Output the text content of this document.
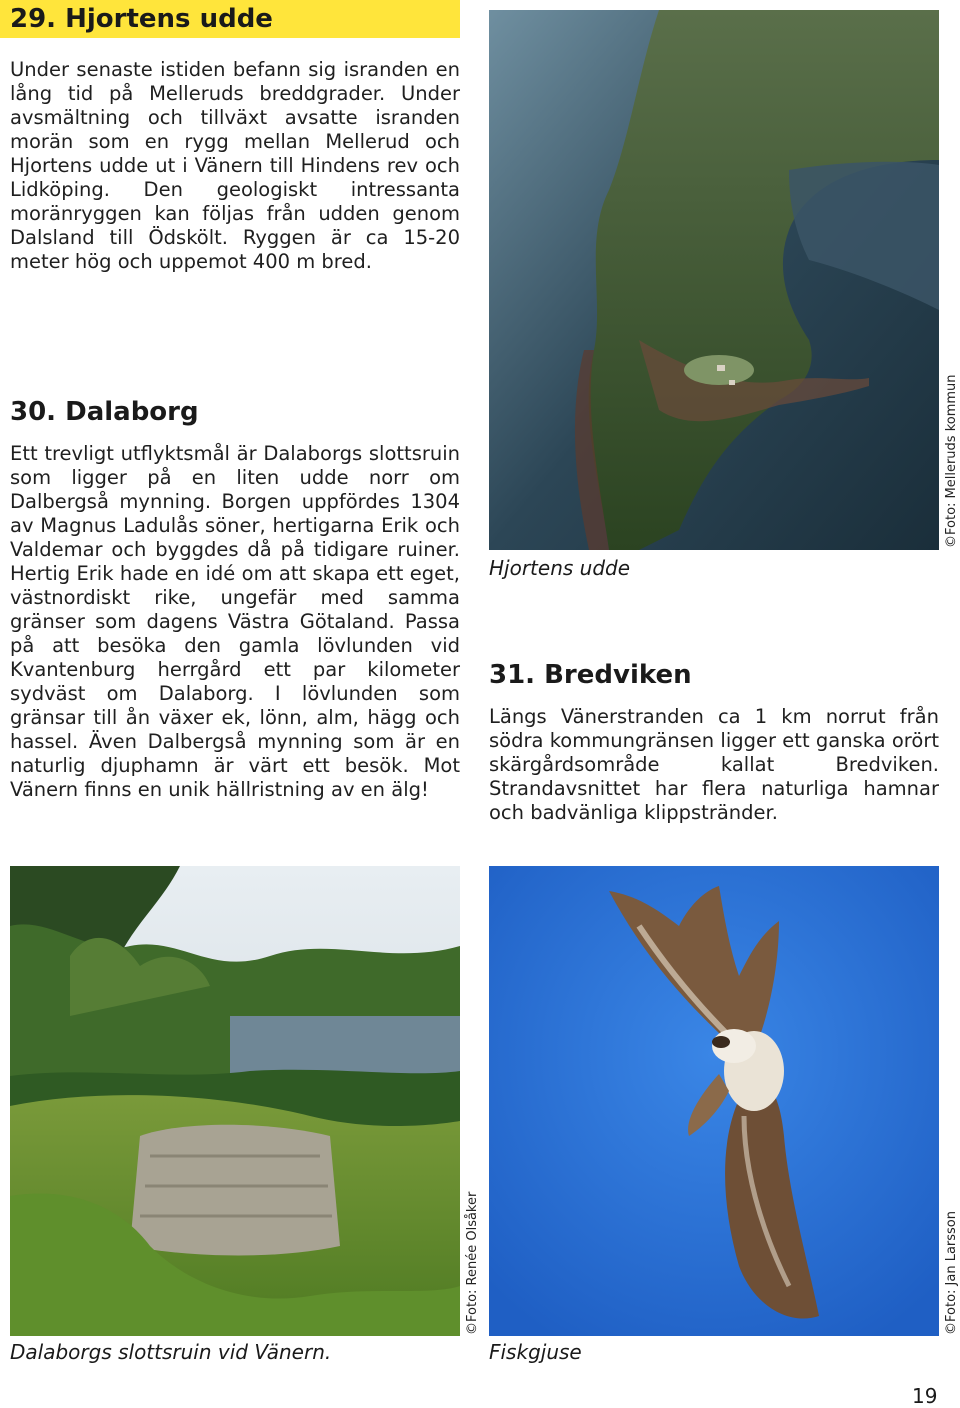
29. Hjortens udde
Under senaste istiden befann sig isranden en lång tid på Melleruds breddgrader. Under avsmältning och tillväxt avsatte isranden morän som en rygg mellan Mellerud och Hjortens udde ut i Vänern till Hindens rev och Lidköping. Den geologiskt intressanta moränryggen kan följas från udden genom Dalsland till Ödskölt. Ryggen är ca 15-20 meter hög och uppemot 400 m bred.
Hjortens udde
©Foto: Melleruds kommun
30. Dalaborg
Ett trevligt utflyktsmål är Dalaborgs slottsruin som ligger på en liten udde norr om Dalbergså mynning. Borgen uppfördes 1304 av Magnus Ladulås söner, hertigarna Erik och Valdemar och byggdes då på tidigare ruiner. Hertig Erik hade en idé om att skapa ett eget, västnordiskt rike, ungefär med samma gränser som dagens Västra Götaland. Passa på att besöka den gamla lövlunden vid Kvantenburg herrgård ett par kilometer sydväst om Dalaborg. I lövlunden som gränsar till ån växer ek, lönn, alm, hägg och hassel. Även Dalbergså mynning som är en naturlig djuphamn är värt ett besök. Mot Vänern finns en unik hällristning av en älg!
31. Bredviken
Längs Vänerstranden ca 1 km norrut från södra kommungränsen ligger ett ganska orört skärgårdsområde kallat Bredviken. Strandavsnittet har flera naturliga hamnar och badvänliga klippstränder.
Dalaborgs slottsruin vid Vänern.
©Foto: Renée Olsåker
Fiskgjuse
©Foto: Jan Larsson
19
